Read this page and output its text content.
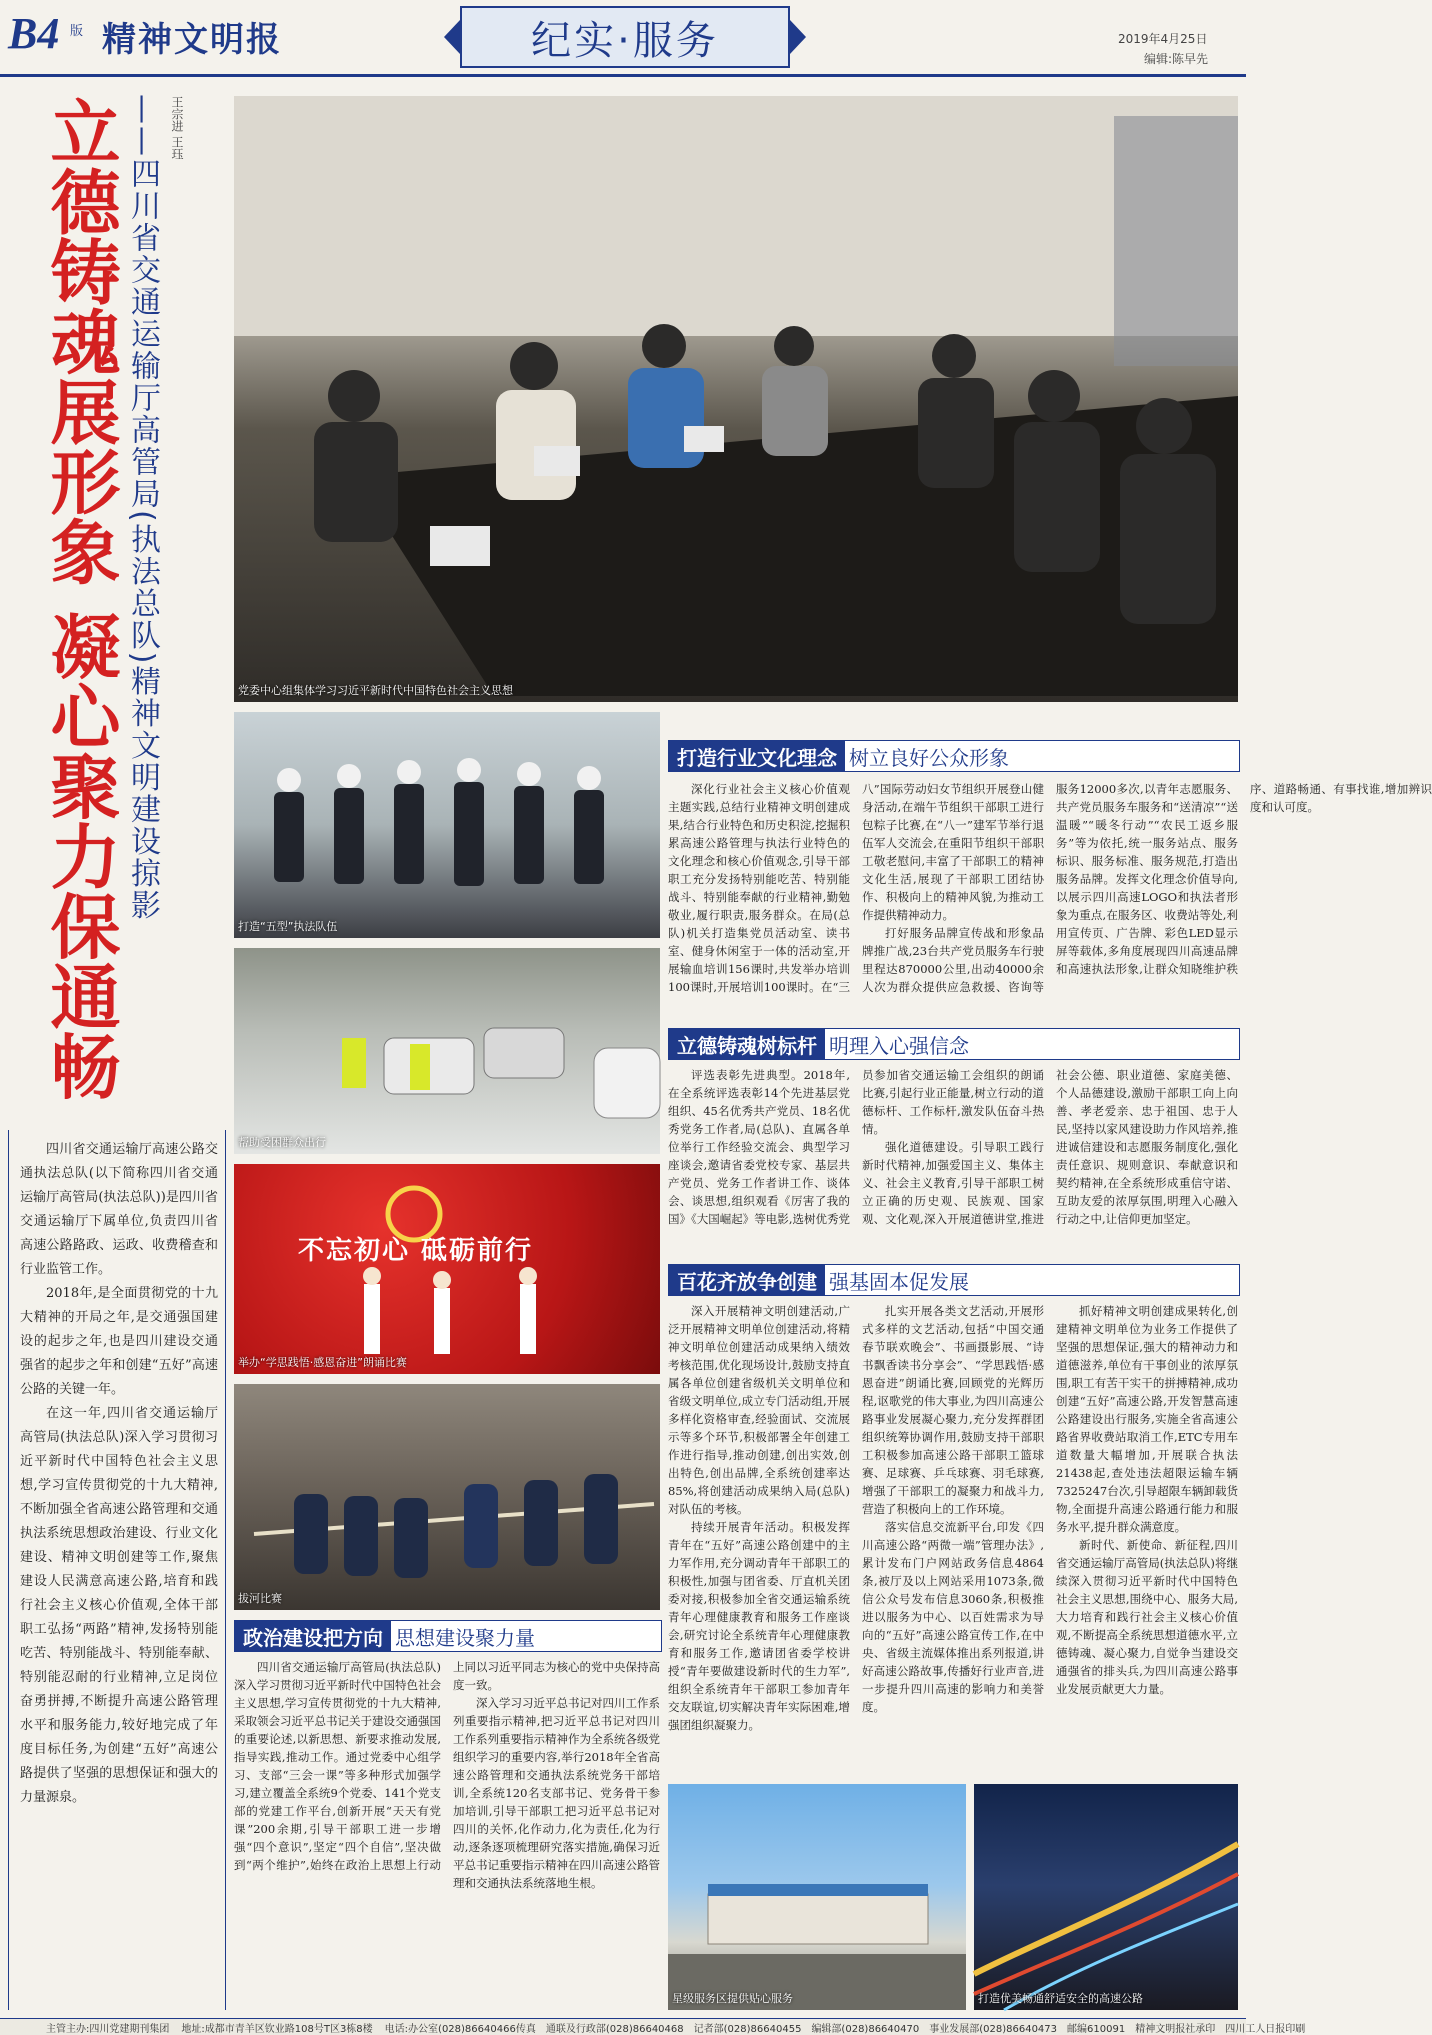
B4 版 精神文明报	纪实·服务	2019年4月25日
编辑:陈早先
立德铸魂展形象 凝心聚力保通畅 ——四川省交通运输厅高管局(执法总队)精神文明建设掠影 王宗进 王珏
党委中心组集体学习习近平新时代中国特色社会主义思想
打造“五型”执法队伍
帮助受困群众出行
不忘初心 砥砺前行
举办“学思践悟·感恩奋进”朗诵比赛
拔河比赛
打造行业文化理念 树立良好公众形象

深化行业社会主义核心价值观主题实践,总结行业精神文明创建成果,结合行业特色和历史积淀,挖掘积累高速公路管理与执法行业特色的文化理念和核心价值观念,引导干部职工充分发扬特别能吃苦、特别能战斗、特别能奉献的行业精神,勤勉敬业,履行职责,服务群众。在局(总队)机关打造集党员活动室、读书室、健身休闲室于一体的活动室,开展输血培训156课时,共发举办培训100课时,开展培训100课时。在“三八”国际劳动妇女节组织开展登山健身活动,在端午节组织干部职工进行包粽子比赛,在“八一”建军节举行退伍军人交流会,在重阳节组织干部职工敬老慰问,丰富了干部职工的精神文化生活,展现了干部职工团结协作、积极向上的精神风貌,为推动工作提供精神动力。

打好服务品牌宣传战和形象品牌推广战,23台共产党员服务车行驶里程达870000公里,出动40000余人次为群众提供应急救援、咨询等服务12000多次,以青年志愿服务、共产党员服务车服务和“送清凉”“送温暖”“暖冬行动”“农民工返乡服务”等为依托,统一服务站点、服务标识、服务标准、服务规范,打造出服务品牌。发挥文化理念价值导向,以展示四川高速LOGO和执法者形象为重点,在服务区、收费站等处,利用宣传页、广告牌、彩色LED显示屏等载体,多角度展现四川高速品牌和高速执法形象,让群众知晓维护秩序、道路畅通、有事找谁,增加辨识度和认可度。

立德铸魂树标杆 明理入心强信念

评选表彰先进典型。2018年,在全系统评选表彰14个先进基层党组织、45名优秀共产党员、18名优秀党务工作者,局(总队)、直属各单位举行工作经验交流会、典型学习座谈会,邀请省委党校专家、基层共产党员、党务工作者讲工作、谈体会、谈思想,组织观看《厉害了我的国》《大国崛起》等电影,选树优秀党员参加省交通运输工会组织的朗诵比赛,引起行业正能量,树立行动的道德标杆、工作标杆,激发队伍奋斗热情。

强化道德建设。引导职工践行新时代精神,加强爱国主义、集体主义、社会主义教育,引导干部职工树立正确的历史观、民族观、国家观、文化观,深入开展道德讲堂,推进社会公德、职业道德、家庭美德、个人品德建设,激励干部职工向上向善、孝老爱亲、忠于祖国、忠于人民,坚持以家风建设助力作风培养,推进诚信建设和志愿服务制度化,强化责任意识、规则意识、奉献意识和契约精神,在全系统形成重信守诺、互助友爱的浓厚氛围,明理入心融入行动之中,让信仰更加坚定。

百花齐放争创建 强基固本促发展

深入开展精神文明创建活动,广泛开展精神文明单位创建活动,将精神文明单位创建活动成果纳入绩效考核范围,优化现场设计,鼓励支持直属各单位创建省级机关文明单位和省级文明单位,成立专门活动组,开展多样化资格审查,经验面试、交流展示等多个环节,积极部署全年创建工作进行指导,推动创建,创出实效,创出特色,创出品牌,全系统创建率达85%,将创建活动成果纳入局(总队)对队伍的考核。

持续开展青年活动。积极发挥青年在“五好”高速公路创建中的主力军作用,充分调动青年干部职工的积极性,加强与团省委、厅直机关团委对接,积极参加全省交通运输系统青年心理健康教育和服务工作座谈会,研究讨论全系统青年心理健康教育和服务工作,邀请团省委学校讲授“青年要做建设新时代的生力军”,组织全系统青年干部职工参加青年交友联谊,切实解决青年实际困难,增强团组织凝聚力。

扎实开展各类文艺活动,开展形式多样的文艺活动,包括“中国交通春节联欢晚会”、书画摄影展、“诗书飘香读书分享会”、“学思践悟·感恩奋进”朗诵比赛,回顾党的光辉历程,讴歌党的伟大事业,为四川高速公路事业发展凝心聚力,充分发挥群团组织统筹协调作用,鼓励支持干部职工积极参加高速公路干部职工篮球赛、足球赛、乒乓球赛、羽毛球赛,增强了干部职工的凝聚力和战斗力,营造了积极向上的工作环境。

落实信息交流新平台,印发《四川高速公路“两微一端”管理办法》,累计发布门户网站政务信息4864条,被厅及以上网站采用1073条,微信公众号发布信息3060条,积极推进以服务为中心、以百姓需求为导向的“五好”高速公路宣传工作,在中央、省级主流媒体推出系列报道,讲好高速公路故事,传播好行业声音,进一步提升四川高速的影响力和美誉度。

抓好精神文明创建成果转化,创建精神文明单位为业务工作提供了坚强的思想保证,强大的精神动力和道德滋养,单位有干事创业的浓厚氛围,职工有苦干实干的拼搏精神,成功创建“五好”高速公路,开发智慧高速公路建设出行服务,实施全省高速公路省界收费站取消工作,ETC专用车道数量大幅增加,开展联合执法21438起,查处违法超限运输车辆7325247台次,引导超限车辆卸载货物,全面提升高速公路通行能力和服务水平,提升群众满意度。

新时代、新使命、新征程,四川省交通运输厅高管局(执法总队)将继续深入贯彻习近平新时代中国特色社会主义思想,围绕中心、服务大局,大力培育和践行社会主义核心价值观,不断提高全系统思想道德水平,立德铸魂、凝心聚力,自觉争当建设交通强省的排头兵,为四川高速公路事业发展贡献更大力量。

政治建设把方向 思想建设聚力量

四川省交通运输厅高管局(执法总队)深入学习贯彻习近平新时代中国特色社会主义思想,学习宣传贯彻党的十九大精神,采取领会习近平总书记关于建设交通强国的重要论述,以新思想、新要求推动发展,指导实践,推动工作。通过党委中心组学习、支部“三会一课”等多种形式加强学习,建立覆盖全系统9个党委、141个党支部的党建工作平台,创新开展“天天有党课”200余期,引导干部职工进一步增强“四个意识”,坚定“四个自信”,坚决做到“两个维护”,始终在政治上思想上行动上同以习近平同志为核心的党中央保持高度一致。

深入学习习近平总书记对四川工作系列重要指示精神,把习近平总书记对四川工作系列重要指示精神作为全系统各级党组织学习的重要内容,举行2018年全省高速公路管理和交通执法系统党务干部培训,全系统120名支部书记、党务骨干参加培训,引导干部职工把习近平总书记对四川的关怀,化作动力,化为责任,化为行动,逐条逐项梳理研究落实措施,确保习近平总书记重要指示精神在四川高速公路管理和交通执法系统落地生根。

星级服务区提供贴心服务	打造优美畅通舒适安全的高速公路

四川省交通运输厅高速公路交通执法总队(以下简称四川省交通运输厅高管局(执法总队))是四川省交通运输厅下属单位,负责四川省高速公路路政、运政、收费稽查和行业监管工作。

2018年,是全面贯彻党的十九大精神的开局之年,是交通强国建设的起步之年,也是四川建设交通强省的起步之年和创建“五好”高速公路的关键一年。

在这一年,四川省交通运输厅高管局(执法总队)深入学习贯彻习近平新时代中国特色社会主义思想,学习宣传贯彻党的十九大精神,不断加强全省高速公路管理和交通执法系统思想政治建设、行业文化建设、精神文明创建等工作,聚焦建设人民满意高速公路,培育和践行社会主义核心价值观,全体干部职工弘扬“两路”精神,发扬特别能吃苦、特别能战斗、特别能奉献、特别能忍耐的行业精神,立足岗位奋勇拼搏,不断提升高速公路管理水平和服务能力,较好地完成了年度目标任务,为创建“五好”高速公路提供了坚强的思想保证和强大的力量源泉。

主管主办:四川党建期刊集团	地址:成都市青羊区钦业路108号T区3栋8楼	电话:办公室(028)86640466传真	通联及行政部(028)86640468	记者部(028)86640455	编辑部(028)86640470	事业发展部(028)86640473	邮编610091	精神文明报社承印	四川工人日报印刷
